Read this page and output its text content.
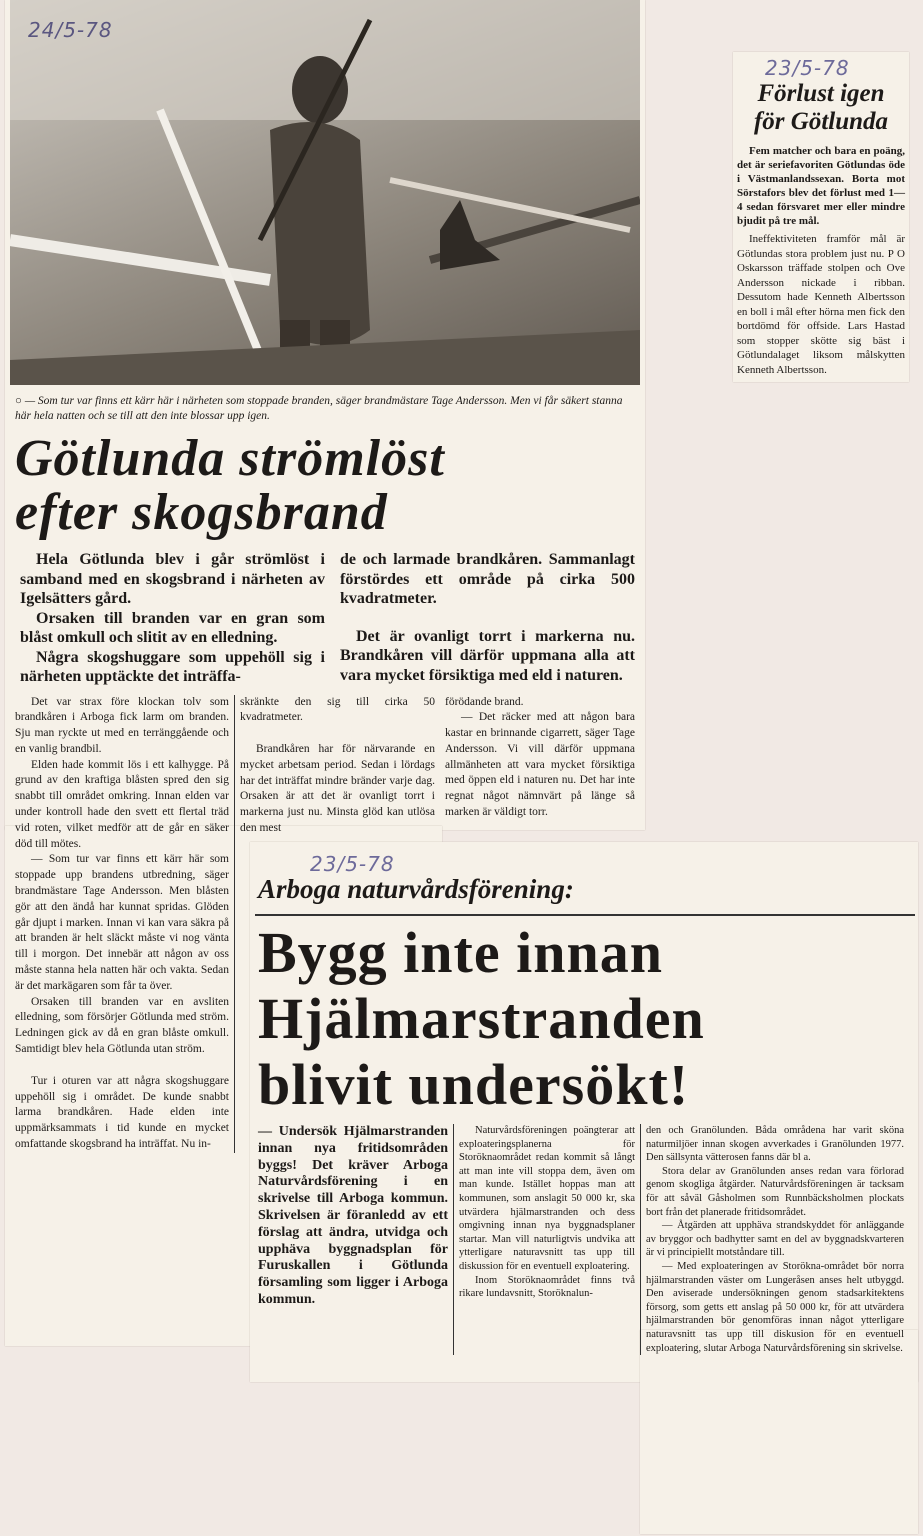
24/5-78
○ — Som tur var finns ett kärr här i närheten som stoppade branden, säger brandmästare Tage Andersson. Men vi får säkert stanna här hela natten och se till att den inte blossar upp igen.
Götlunda strömlöst
efter skogsbrand

Hela Götlunda blev i går strömlöst i samband med en skogsbrand i närheten av Igelsätters gård.

Orsaken till branden var en gran som blåst omkull och slitit av en elledning.

Några skogshuggare som uppehöll sig i närheten upptäckte det inträffa-

de och larmade brandkåren. Sammanlagt förstördes ett område på cirka 500 kvadratmeter.

Det är ovanligt torrt i markerna nu. Brandkåren vill därför uppmana alla att vara mycket försiktiga med eld i naturen.

Det var strax före klockan tolv som brandkåren i Arboga fick larm om branden. Sju man ryckte ut med en terränggående och en vanlig brandbil.

Elden hade kommit lös i ett kalhygge. På grund av den kraftiga blåsten spred den sig snabbt till området omkring. Innan elden var under kontroll hade den svett ett flertal träd vid roten, vilket medför att de går en säker död till mötes.

— Som tur var finns ett kärr här som stoppade upp brandens utbredning, säger brandmästare Tage Andersson. Men blåsten gör att den ändå har kunnat spridas. Glöden går djupt i marken. Innan vi kan vara säkra på att branden är helt släckt måste vi nog vänta till i morgon. Det innebär att någon av oss måste stanna hela natten här och vakta. Sedan är det markägaren som får ta över.

Orsaken till branden var en avsliten elledning, som försörjer Götlunda med ström. Ledningen gick av då en gran blåste omkull. Samtidigt blev hela Götlunda utan ström.

Tur i oturen var att några skogshuggare uppehöll sig i området. De kunde snabbt larma brandkåren. Hade elden inte uppmärksammats i tid kunde en mycket omfattande skogsbrand ha inträffat. Nu in-

skränkte den sig till cirka 50 kvadratmeter.

Brandkåren har för närvarande en mycket arbetsam period. Sedan i lördags har det inträffat mindre bränder varje dag. Orsaken är att det är ovanligt torrt i markerna just nu. Minsta glöd kan utlösa den mest

förödande brand.

— Det räcker med att någon bara kastar en brinnande cigarrett, säger Tage Andersson. Vi vill därför uppmana allmänheten att vara mycket försiktiga med öppen eld i naturen nu. Det har inte regnat något nämnvärt på länge så marken är väldigt torr.

23/5-78
Förlust igen
för Götlunda
Fem matcher och bara en poäng, det är seriefavoriten Götlundas öde i Västmanlandssexan. Borta mot Sörstafors blev det förlust med 1—4 sedan försvaret mer eller mindre bjudit på tre mål.
Ineffektiviteten framför mål är Götlundas stora problem just nu. P O Oskarsson träffade stolpen och Ove Andersson nickade i ribban. Dessutom hade Kenneth Albertsson en boll i mål efter hörna men fick den bortdömd för offside. Lars Hastad som stopper skötte sig bäst i Götlundalaget liksom målskytten Kenneth Albertsson.
23/5-78
Arboga naturvårdsförening:
Bygg inte innan
Hjälmarstranden
blivit undersökt!
— Undersök Hjälmarstranden innan nya fritidsområden byggs! Det kräver Arboga Naturvårdsförening i en skrivelse till Arboga kommun. Skrivelsen är föranledd av ett förslag att ändra, utvidga och upphäva byggnadsplan för Furuskallen i Götlunda församling som ligger i Arboga kommun.

Naturvårdsföreningen poängterar att exploateringsplanerna för Storöknaområdet redan kommit så långt att man inte vill stoppa dem, även om man kunde. Istället hoppas man att kommunen, som anslagit 50 000 kr, ska utvärdera hjälmarstranden och dess omgivning innan nya byggnadsplaner startar. Man vill naturligtvis undvika att ytterligare naturavsnitt tas upp till diskussion för en eventuell exploatering.

Inom Storöknaområdet finns två rikare lundavsnitt, Storöknalun-

den och Granölunden. Båda områdena har varit sköna naturmiljöer innan skogen avverkades i Granölunden 1977. Den sällsynta vätterosen fanns där bl a.

Stora delar av Granölunden anses redan vara förlorad genom skogliga åtgärder. Naturvårdsföreningen är tacksam för att såväl Gåsholmen som Runnbäcksholmen plockats bort från det planerade fritidsområdet.

— Åtgärden att upphäva strandskyddet för anläggande av bryggor och badhytter samt en del av byggnadskvarteren är vi principiellt motståndare till.

— Med exploateringen av Storökna-området bör norra hjälmarstranden väster om Lungeråsen anses helt utbyggd. Den aviserade undersökningen genom stadsarkitektens försorg, som getts ett anslag på 50 000 kr, för att utvärdera hjälmarstranden bör genomföras innan något ytterligare naturavsnitt tas upp till diskusion för en eventuell exploatering, slutar Arboga Naturvårdsförening sin skrivelse.
